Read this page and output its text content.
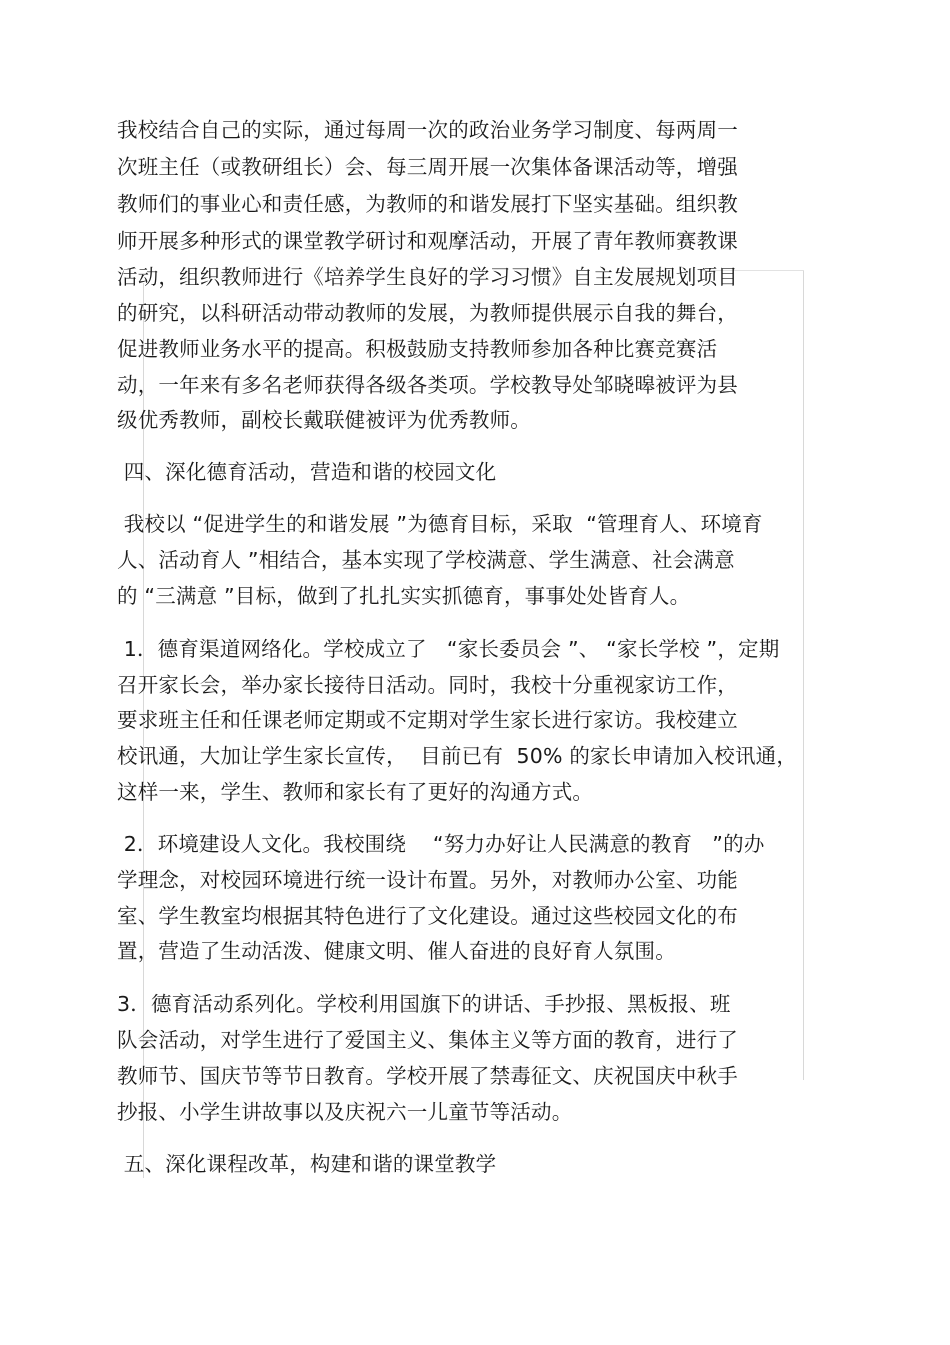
我校结合自己的实际，通过每周一次的政治业务学习制度、每两周一
次班主任（或教研组长）会、每三周开展一次集体备课活动等，增强
教师们的事业心和责任感，为教师的和谐发展打下坚实基础。组织教
师开展多种形式的课堂教学研讨和观摩活动，开展了青年教师赛教课
活动，组织教师进行《培养学生良好的学习习惯》自主发展规划项目
的研究，以科研活动带动教师的发展，为教师提供展示自我的舞台，
促进教师业务水平的提高。积极鼓励支持教师参加各种比赛竞赛活
动，一年来有多名老师获得各级各类项。学校教导处邹晓暤被评为县
级优秀教师，副校长戴联健被评为优秀教师。
四、深化德育活动，营造和谐的校园文化
我校以 “促进学生的和谐发展 ”为德育目标，采取  “管理育人、环境育
人、活动育人 ”相结合，基本实现了学校满意、学生满意、社会满意
的 “三满意 ”目标，做到了扎扎实实抓德育，事事处处皆育人。
1．德育渠道网络化。学校成立了   “家长委员会 ”、 “家长学校 ”，定期
召开家长会，举办家长接待日活动。同时，我校十分重视家访工作，
要求班主任和任课老师定期或不定期对学生家长进行家访。我校建立
校讯通，大加让学生家长宣传，  目前已有  50% 的家长申请加入校讯通，
这样一来，学生、教师和家长有了更好的沟通方式。
2．环境建设人文化。我校围绕    “努力办好让人民满意的教育   ”的办
学理念，对校园环境进行统一设计布置。另外，对教师办公室、功能
室、学生教室均根据其特色进行了文化建设。通过这些校园文化的布
置，营造了生动活泼、健康文明、催人奋进的良好育人氛围。
3．德育活动系列化。学校利用国旗下的讲话、手抄报、黑板报、班
队会活动，对学生进行了爱国主义、集体主义等方面的教育，进行了
教师节、国庆节等节日教育。学校开展了禁毒征文、庆祝国庆中秋手
抄报、小学生讲故事以及庆祝六一儿童节等活动。
五、深化课程改革，构建和谐的课堂教学
